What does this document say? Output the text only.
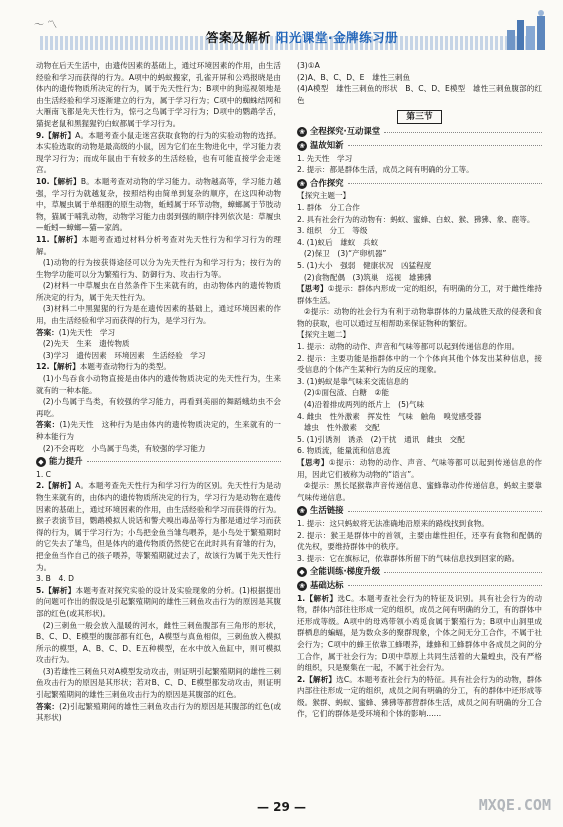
〜 〽
答案及解析 阳光课堂·金牌练习册

动物在后天生活中，由遗传因素的基础上，通过环境因素的作用，由生活经验和学习而获得的行为。A项中的蚂蚁搬家，孔雀开屏和公鸡报晓是由体内的遗传物质所决定的行为，属于先天性行为；B项中的狗巡视领地是由生活经验和学习逐渐建立的行为，属于学习行为；C项中的蜘蛛结网和大雁南飞都是先天性行为，惊弓之鸟属于学习行为；D项中的鹦鹉学舌，猫捉老鼠和黑猩猩钓白蚁都属于学习行为。

9.【解析】A。本题考查小鼠走迷宫获取食物的行为的实验动物的选择。本实验选取的动物是最高级的小鼠，因为它们在生物进化中，学习能力表现学习行为；而成年鼠由于有较多的生活经验，也有可能直接学会走迷宫。

10.【解析】B。本题考查对动物的学习能力。动物越高等，学习能力越强，学习行为就越复杂，按照结构由简单到复杂的顺序，在这四种动物中，草履虫属于单细胞的原生动物，蚯蚓属于环节动物，蟑螂属于节肢动物，猫属于哺乳动物，动物学习能力由弱到强的顺序排列依次是：草履虫—蚯蚓—蟑螂—猫—家鸽。

11.【解析】本题考查通过材料分析考查对先天性行为和学习行为的理解。

(1)动物的行为按获得途径可以分为先天性行为和学习行为；按行为的生物学功能可以分为繁殖行为、防御行为、攻击行为等。

(2)材料一中草履虫在自然条件下生来就有的，由动物体内的遗传物质所决定的行为，属于先天性行为。

(3)材料二中黑猩猩的行为是在遗传因素的基础上，通过环境因素的作用，由生活经验和学习而获得的行为，是学习行为。

答案：(1)先天性　学习

(2)先天　生来　遗传物质

(3)学习　遗传因素　环境因素　生活经验　学习

12.【解析】本题考查动物行为的类型。

(1)小鸟吞食小动物直接是由体内的遗传物质决定的先天性行为，生来就有的一种本能。

(2)小鸟属于鸟类，有较强的学习能力，再看到美丽的舞蹈蛾幼虫不会再吃。

答案：(1)先天性　这种行为是由体内的遗传物质决定的，生来就有的一种本能行为

(2)不会再吃　小鸟属于鸟类，有较强的学习能力

◆ 能力提升

1. C

2.【解析】A。本题考查先天性行为和学习行为的区别。先天性行为是动物生来就有的，由体内的遗传物质所决定的行为，学习行为是动物在遗传因素的基础上，通过环境因素的作用，由生活经验和学习而获得的行为。猴子表演节目，鹦鹉模拟人说话和警犬嗅出毒品等行为都是通过学习而获得的行为，属于学习行为；小鸟把金鱼当雏鸟喂养，是小鸟处于繁殖期时的它失去了雏鸟，但是体内的遗传物质仍然使它在此时具有育雏的行为，把金鱼当作自己的孩子喂养，等繁殖期就过去了，故该行为属于先天性行为。

3. B　4. D

5.【解析】本题考查对探究实验的设计及实验现象的分析。(1)根据提出的问题可作出的假设是引起繁殖期间的雄性三刺鱼攻击行为的原因是其腹部的红色(或其形状)。

(2)三刺鱼一般会放入温暖的河水，雌性三刺鱼腹部有三角形的形状，B、C、D、E模型的腹部都有红色，A模型与真鱼相似，三刺鱼放入模拟所示的模型，A、B、C、D、E五种模型，在水中放入鱼缸中，则可模拟攻击行为。

(3)若雄性三刺鱼只对A模型发动攻击，则证明引起繁殖期间的雄性三刺鱼攻击行为的原因是其形状；若对B、C、D、E模型都发动攻击，则证明引起繁殖期间的雄性三刺鱼攻击行为的原因是其腹部的红色。

答案：(2)引起繁殖期间的雄性三刺鱼攻击行为的原因是其腹部的红色(或其形状)

(3)①A

(2)A、B、C、D、E　雄性三刺鱼

(4)A模型　雄性三刺鱼的形状　B、C、D、E模型　雄性三刺鱼腹部的红色

第三节
❀ 全程探究·互动课堂
❀ 温故知新

1. 先天性　学习

2. 提示：都是群体生活，成员之间有明确的分工等。

❀ 合作探究

【探究主题一】

1. 群体　分工合作

2. 具有社会行为的动物有：蚂蚁、蜜蜂、白蚁、猴、狒狒、象、鹿等。

3. 组织　分工　等级

4. (1)蚁后　雄蚁　兵蚁

(2)保卫　(3)“产卵机器”

5. (1)大小　强弱　健康状况　凶猛程度

(2)食物配偶　(3)筑巢　巡视　雄狒狒

【思考】①提示：群体内形成一定的组织，有明确的分工，对于雌性维持群体生活。

②提示：动物的社会行为有利于动物靠群体的力量战胜天敌的侵袭和食物的获取，也可以通过互相帮助来保证物种的繁衍。

【探究主题二】

1. 提示：动物的动作、声音和气味等都可以起到传递信息的作用。

2. 提示：主要功能是指群体中的一个个体向其他个体发出某种信息，接受信息的个体产生某种行为的反应的现象。

3. (1)蚂蚁是靠气味来交流信息的

(2)①面包渣、白糖　②能

(4)沿着排成两列的纸片上　(5)气味

4. 雌虫　性外激素　挥发性　气味　触角　嗅觉感受器

雄虫　性外激素　交配

5. (1)引诱剂　诱杀　(2)干扰　通讯　雌虫　交配

6. 物质流，能量流和信息流

【思考】①提示：动物的动作、声音、气味等都可以起到传递信息的作用，因此它们被称为动物的“语言”。

②提示：黑长尾猴靠声音传递信息、蜜蜂靠动作传递信息，蚂蚁主要靠气味传递信息。

❀ 生活链接

1. 提示：这只蚂蚁将无法准确地沿原来的路线找到食物。

2. 提示：猴王是群体中的首领，主要由雄性担任，还享有食物和配偶的优先权，要维持群体中的秩序。

3. 提示：它在旗标记，依靠群体所留下的气味信息找到回家的路。

◆ 全能训练·梯度升级
❀ 基础达标

1.【解析】选C。本题考查社会行为的特征及识别。具有社会行为的动物，群体内部往往形成一定的组织，成员之间有明确的分工，有的群体中还形成等级。A项中的母鸡带领小鸡觅食属于繁殖行为；B项中山洞里成群栖息的蝙蝠，是为数众多的聚群现象，个体之间无分工合作，不属于社会行为；C项中的蜂王依靠工蜂喂养，雄蜂和工蜂群体中各成员之间的分工合作，属于社会行为；D项中草原上共同生活着的大量蝗虫，没有严格的组织，只是聚集在一起，不属于社会行为。

2.【解析】选C。本题考查社会行为的特征。具有社会行为的动物，群体内部往往形成一定的组织，成员之间有明确的分工，有的群体中还形成等级。猴群、蚂蚁、蜜蜂、狒狒等都营群体生活，成员之间有明确的分工合作，它们的群体是受环境和个体的影响……

— 29 —	MXQE.COM
